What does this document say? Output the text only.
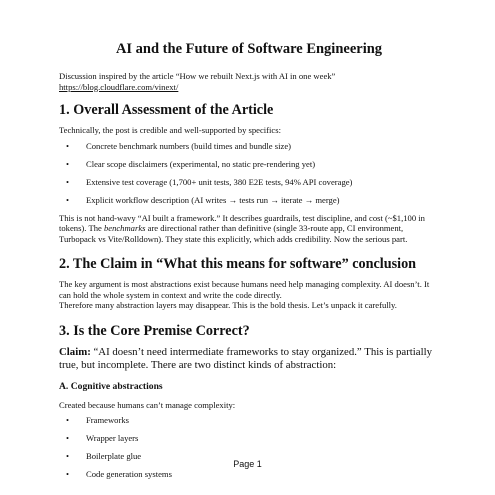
AI and the Future of Software Engineering

Discussion inspired by the article “How we rebuilt Next.js with AI in one week”
https://blog.cloudflare.com/vinext/

1. Overall Assessment of the Article

Technically, the post is credible and well-supported by specifics:

• Concrete benchmark numbers (build times and bundle size)
• Clear scope disclaimers (experimental, no static pre-rendering yet)
• Extensive test coverage (1,700+ unit tests, 380 E2E tests, 94% API coverage)
• Explicit workflow description (AI writes → tests run → iterate → merge)

This is not hand-wavy “AI built a framework.” It describes guardrails, test discipline, and cost (~$1,100 in tokens). The benchmarks are directional rather than definitive (single 33-route app, CI environment, Turbopack vs Vite/Rolldown). They state this explicitly, which adds credibility. Now the serious part.

2. The Claim in “What this means for software” conclusion

The key argument is most abstractions exist because humans need help managing complexity. AI doesn’t. It can hold the whole system in context and write the code directly.
Therefore many abstraction layers may disappear. This is the bold thesis. Let’s unpack it carefully.

3. Is the Core Premise Correct?

Claim: “AI doesn’t need intermediate frameworks to stay organized.” This is partially true, but incomplete. There are two distinct kinds of abstraction:

A. Cognitive abstractions

Created because humans can’t manage complexity:

• Frameworks
• Wrapper layers
• Boilerplate glue
• Code generation systems
Page 1
